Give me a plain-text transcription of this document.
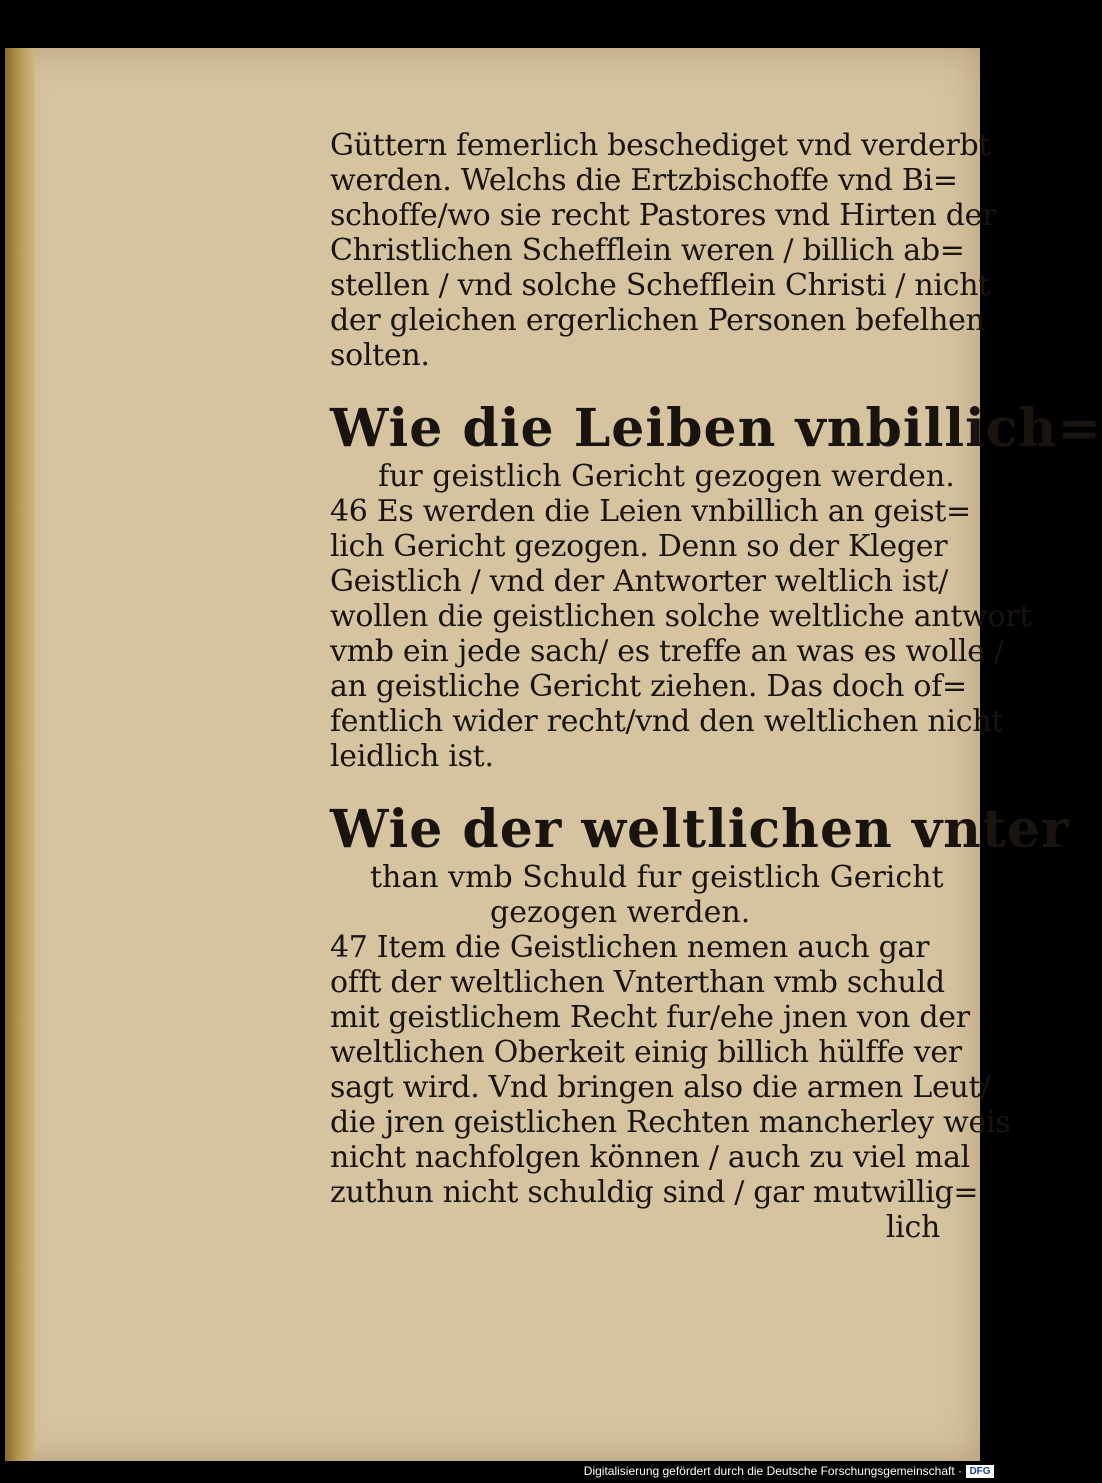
Güttern femerlich beschediget vnd verderbt
werden. Welchs die Ertzbischoffe vnd Bi=
schoffe/wo sie recht Pastores vnd Hirten der
Christlichen Schefflein weren / billich ab=
stellen / vnd solche Schefflein Christi / nicht
der gleichen ergerlichen Personen befelhen
solten.
Wie die Leiben vnbillich=
fur geistlich Gericht gezogen werden.
46 Es werden die Leien vnbillich an geist=
lich Gericht gezogen. Denn so der Kleger
Geistlich / vnd der Antworter weltlich ist/
wollen die geistlichen solche weltliche antwort
vmb ein jede sach/ es treffe an was es wolle /
an geistliche Gericht ziehen. Das doch of=
fentlich wider recht/vnd den weltlichen nicht
leidlich ist.
Wie der weltlichen vnter
than vmb Schuld fur geistlich Gericht
gezogen werden.
47 Item die Geistlichen nemen auch gar
offt der weltlichen Vnterthan vmb schuld
mit geistlichem Recht fur/ehe jnen von der
weltlichen Oberkeit einig billich hülffe ver
sagt wird. Vnd bringen also die armen Leut/
die jren geistlichen Rechten mancherley weis
nicht nachfolgen können / auch zu viel mal
zuthun nicht schuldig sind / gar mutwillig=
lich
Digitalisierung gefördert durch die Deutsche Forschungsgemeinschaft · DFG
